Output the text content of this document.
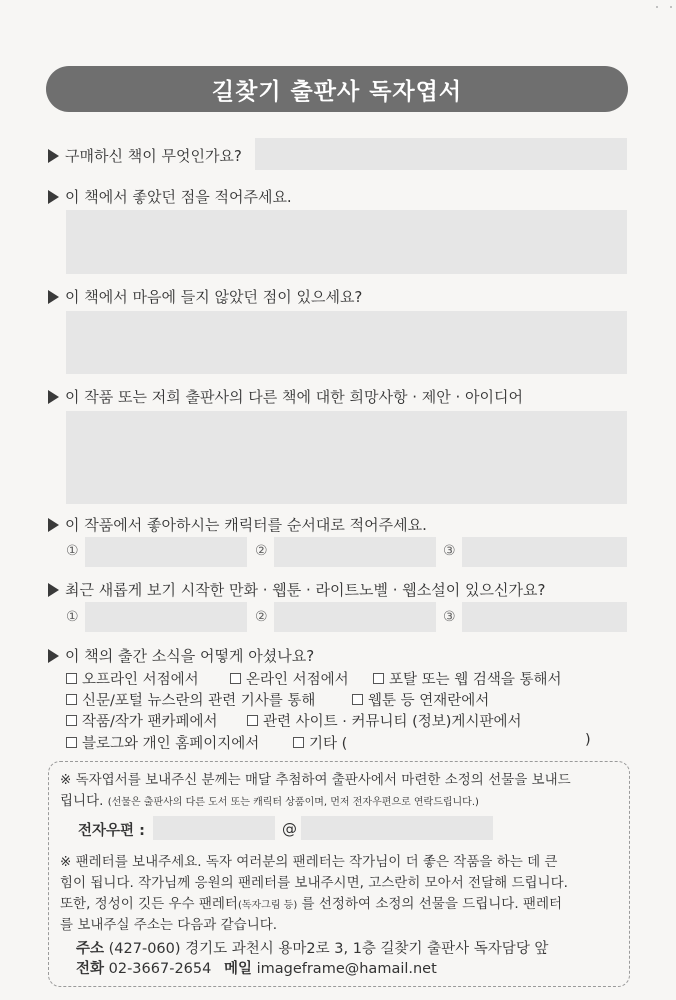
길찾기 출판사 독자엽서
구매하신 책이 무엇인가요?
이 책에서 좋았던 점을 적어주세요.
이 책에서 마음에 들지 않았던 점이 있으세요?
이 작품 또는 저희 출판사의 다른 책에 대한 희망사항 · 제안 · 아이디어
이 작품에서 좋아하시는 캐릭터를 순서대로 적어주세요.
①	②	③
최근 새롭게 보기 시작한 만화 · 웹툰 · 라이트노벨 · 웹소설이 있으신가요?
①	②	③
이 책의 출간 소식을 어떻게 아셨나요?
오프라인 서점에서	온라인 서점에서	포탈 또는 웹 검색을 통해서
신문/포털 뉴스란의 관련 기사를 통해	웹툰 등 연재란에서
작품/작가 팬카페에서	관련 사이트 · 커뮤니티 (정보)게시판에서
블로그와 개인 홈페이지에서	기타 (	)
※ 독자엽서를 보내주신 분께는 매달 추첨하여 출판사에서 마련한 소정의 선물을 보내드
립니다. (선물은 출판사의 다른 도서 또는 캐릭터 상품이며, 먼저 전자우편으로 연락드립니다.)
전자우편 :	@
※ 팬레터를 보내주세요. 독자 여러분의 팬레터는 작가님이 더 좋은 작품을 하는 데 큰
힘이 됩니다. 작가님께 응원의 팬레터를 보내주시면, 고스란히 모아서 전달해 드립니다.
또한, 정성이 깃든 우수 팬레터(독자그림 등) 를 선정하여 소정의 선물을 드립니다. 팬레터
를 보내주실 주소는 다음과 같습니다.
주소 (427-060) 경기도 과천시 용마2로 3, 1층 길찾기 출판사 독자담당 앞
전화 02-3667-2654 메일 imageframe@hamail.net
